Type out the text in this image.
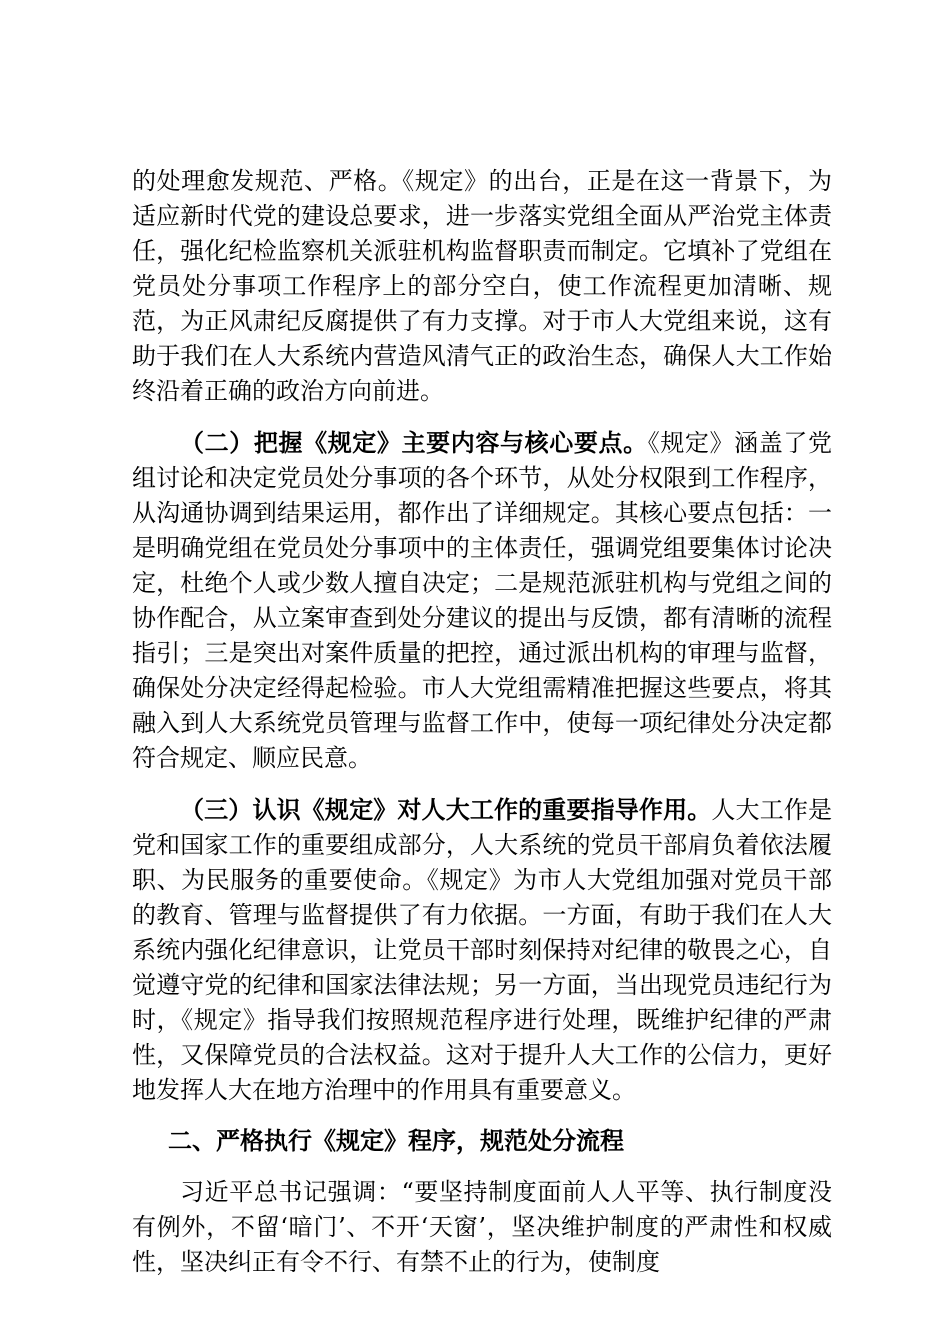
的处理愈发规范、严格。《规定》的出台，正是在这一背景下，为适应新时代党的建设总要求，进一步落实党组全面从严治党主体责任，强化纪检监察机关派驻机构监督职责而制定。它填补了党组在党员处分事项工作程序上的部分空白，使工作流程更加清晰、规范，为正风肃纪反腐提供了有力支撑。对于市人大党组来说，这有助于我们在人大系统内营造风清气正的政治生态，确保人大工作始终沿着正确的政治方向前进。

（二）把握《规定》主要内容与核心要点。《规定》涵盖了党组讨论和决定党员处分事项的各个环节，从处分权限到工作程序，从沟通协调到结果运用，都作出了详细规定。其核心要点包括：一是明确党组在党员处分事项中的主体责任，强调党组要集体讨论决定，杜绝个人或少数人擅自决定；二是规范派驻机构与党组之间的协作配合，从立案审查到处分建议的提出与反馈，都有清晰的流程指引；三是突出对案件质量的把控，通过派出机构的审理与监督，确保处分决定经得起检验。市人大党组需精准把握这些要点，将其融入到人大系统党员管理与监督工作中，使每一项纪律处分决定都符合规定、顺应民意。

（三）认识《规定》对人大工作的重要指导作用。人大工作是党和国家工作的重要组成部分，人大系统的党员干部肩负着依法履职、为民服务的重要使命。《规定》为市人大党组加强对党员干部的教育、管理与监督提供了有力依据。一方面，有助于我们在人大系统内强化纪律意识，让党员干部时刻保持对纪律的敬畏之心，自觉遵守党的纪律和国家法律法规；另一方面，当出现党员违纪行为时，《规定》指导我们按照规范程序进行处理，既维护纪律的严肃性，又保障党员的合法权益。这对于提升人大工作的公信力，更好地发挥人大在地方治理中的作用具有重要意义。

二、严格执行《规定》程序，规范处分流程

习近平总书记强调：“要坚持制度面前人人平等、执行制度没有例外，不留‘暗门’、不开‘天窗’，坚决维护制度的严肃性和权威性，坚决纠正有令不行、有禁不止的行为，使制度
